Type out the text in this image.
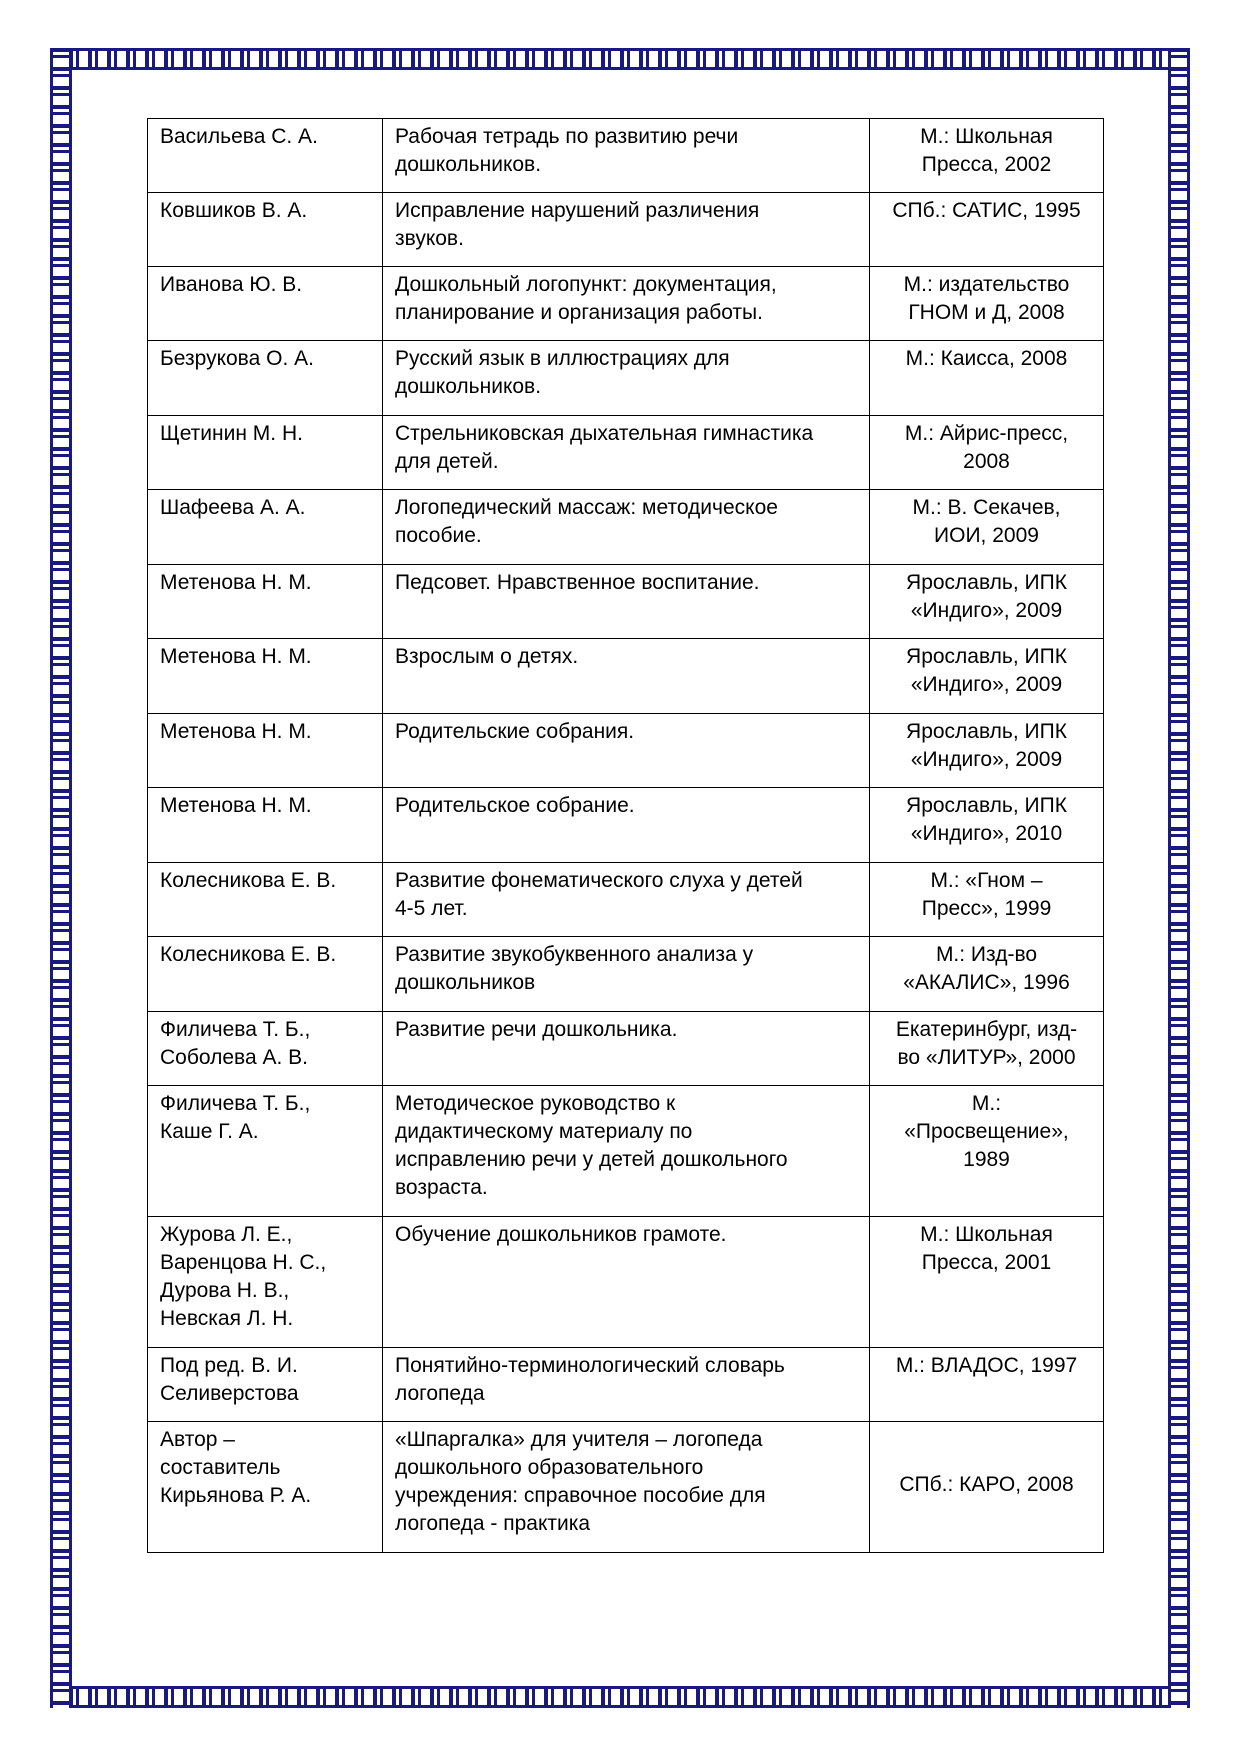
Васильева С. А.	Рабочая тетрадь по развитию речи
дошкольников.	М.: Школьная
Пресса, 2002

Ковшиков В. А.	Исправление нарушений различения
звуков.	СПб.: САТИС, 1995

Иванова Ю. В.	Дошкольный логопункт: документация,
планирование и организация работы.	М.: издательство
ГНОМ и Д, 2008

Безрукова О. А.	Русский язык в иллюстрациях для
дошкольников.	М.: Каисса, 2008

Щетинин М. Н.	Стрельниковская дыхательная гимнастика
для детей.	М.: Айрис-пресс,
2008

Шафеева А. А.	Логопедический массаж: методическое
пособие.	М.: В. Секачев,
ИОИ, 2009

Метенова Н. М.	Педсовет. Нравственное воспитание.	Ярославль, ИПК
«Индиго», 2009

Метенова Н. М.	Взрослым о детях.	Ярославль, ИПК
«Индиго», 2009

Метенова Н. М.	Родительские собрания.	Ярославль, ИПК
«Индиго», 2009

Метенова Н. М.	Родительское собрание.	Ярославль, ИПК
«Индиго», 2010

Колесникова Е. В.	Развитие фонематического слуха у детей
4-5 лет.	М.: «Гном –
Пресс», 1999

Колесникова Е. В.	Развитие звукобуквенного анализа у
дошкольников	М.: Изд-во
«АКАЛИС», 1996

Филичева Т. Б.,
Соболева А. В.	Развитие речи дошкольника.	Екатеринбург, изд-
во «ЛИТУР», 2000

Филичева Т. Б.,
Каше Г. А.	Методическое руководство к
дидактическому материалу по
исправлению речи у детей дошкольного
возраста.	М.:
«Просвещение»,
1989

Журова Л. Е.,
Варенцова Н. С.,
Дурова Н. В.,
Невская Л. Н.	Обучение дошкольников грамоте.	М.: Школьная
Пресса, 2001

Под ред. В. И.
Селиверстова	Понятийно-терминологический словарь
логопеда	М.: ВЛАДОС, 1997

Автор –
составитель
Кирьянова Р. А.	«Шпаргалка» для учителя – логопеда
дошкольного образовательного
учреждения: справочное пособие для
логопеда - практика	СПб.: КАРО, 2008
